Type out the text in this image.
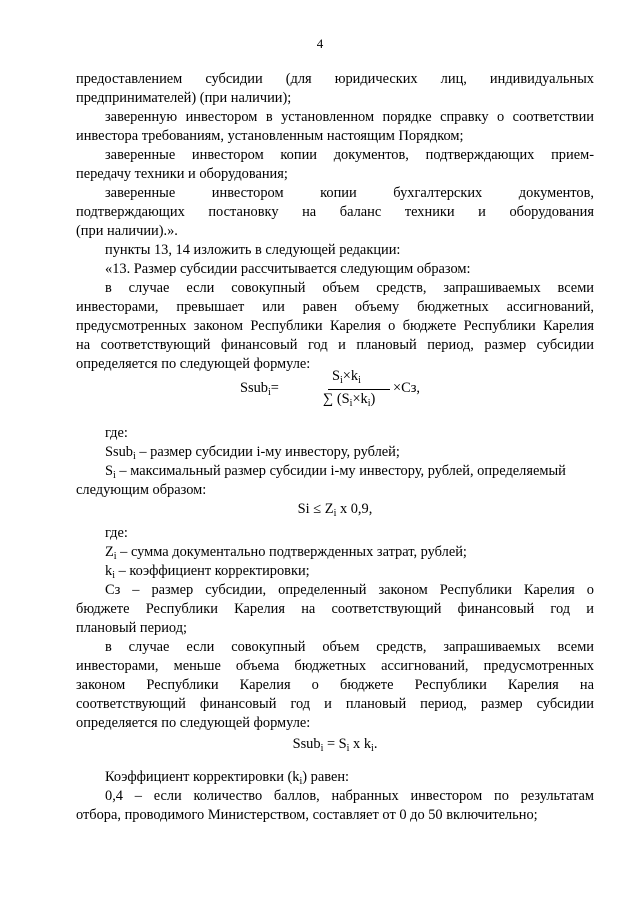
4
предоставлением субсидии (для юридических лиц, индивидуальных
предпринимателей) (при наличии);
заверенную инвестором в установленном порядке справку о соответствии
инвестора требованиям, установленным настоящим Порядком;
заверенные инвестором копии документов, подтверждающих прием-
передачу техники и оборудования;
заверенные инвестором копии бухгалтерских документов,
подтверждающих постановку на баланс техники и оборудования
(при наличии).».
пункты 13, 14 изложить в следующей редакции:
«13. Размер субсидии рассчитывается следующим образом:
в случае если совокупный объем средств, запрашиваемых всеми
инвесторами, превышает или равен объему бюджетных ассигнований,
предусмотренных законом Республики Карелия о бюджете Республики Карелия
на соответствующий финансовый год и плановый период, размер субсидии
определяется по следующей формуле:
Ssub$_i$=
$S_i\times k_i$
∑ $(S_i\times k_i)$
×Сз,
где:
Ssub$_i$ – размер субсидии i-му инвестору, рублей;
$S_i$ – максимальный размер субсидии i-му инвестору, рублей, определяемый
следующим образом:
$Si \le Z_i$ x 0,9,
где:
$Z_i$ – сумма документально подтвержденных затрат, рублей;
$k_i$ – коэффициент корректировки;
Сз – размер субсидии, определенный законом Республики Карелия о
бюджете Республики Карелия на соответствующий финансовый год и
плановый период;
в случае если совокупный объем средств, запрашиваемых всеми
инвесторами, меньше объема бюджетных ассигнований, предусмотренных
законом Республики Карелия о бюджете Республики Карелия на
соответствующий финансовый год и плановый период, размер субсидии
определяется по следующей формуле:
Ssub$_i$ = $S_i$ x $k_i$.
Коэффициент корректировки $(k_i)$ равен:
0,4 – если количество баллов, набранных инвестором по результатам
отбора, проводимого Министерством, составляет от 0 до 50 включительно;
